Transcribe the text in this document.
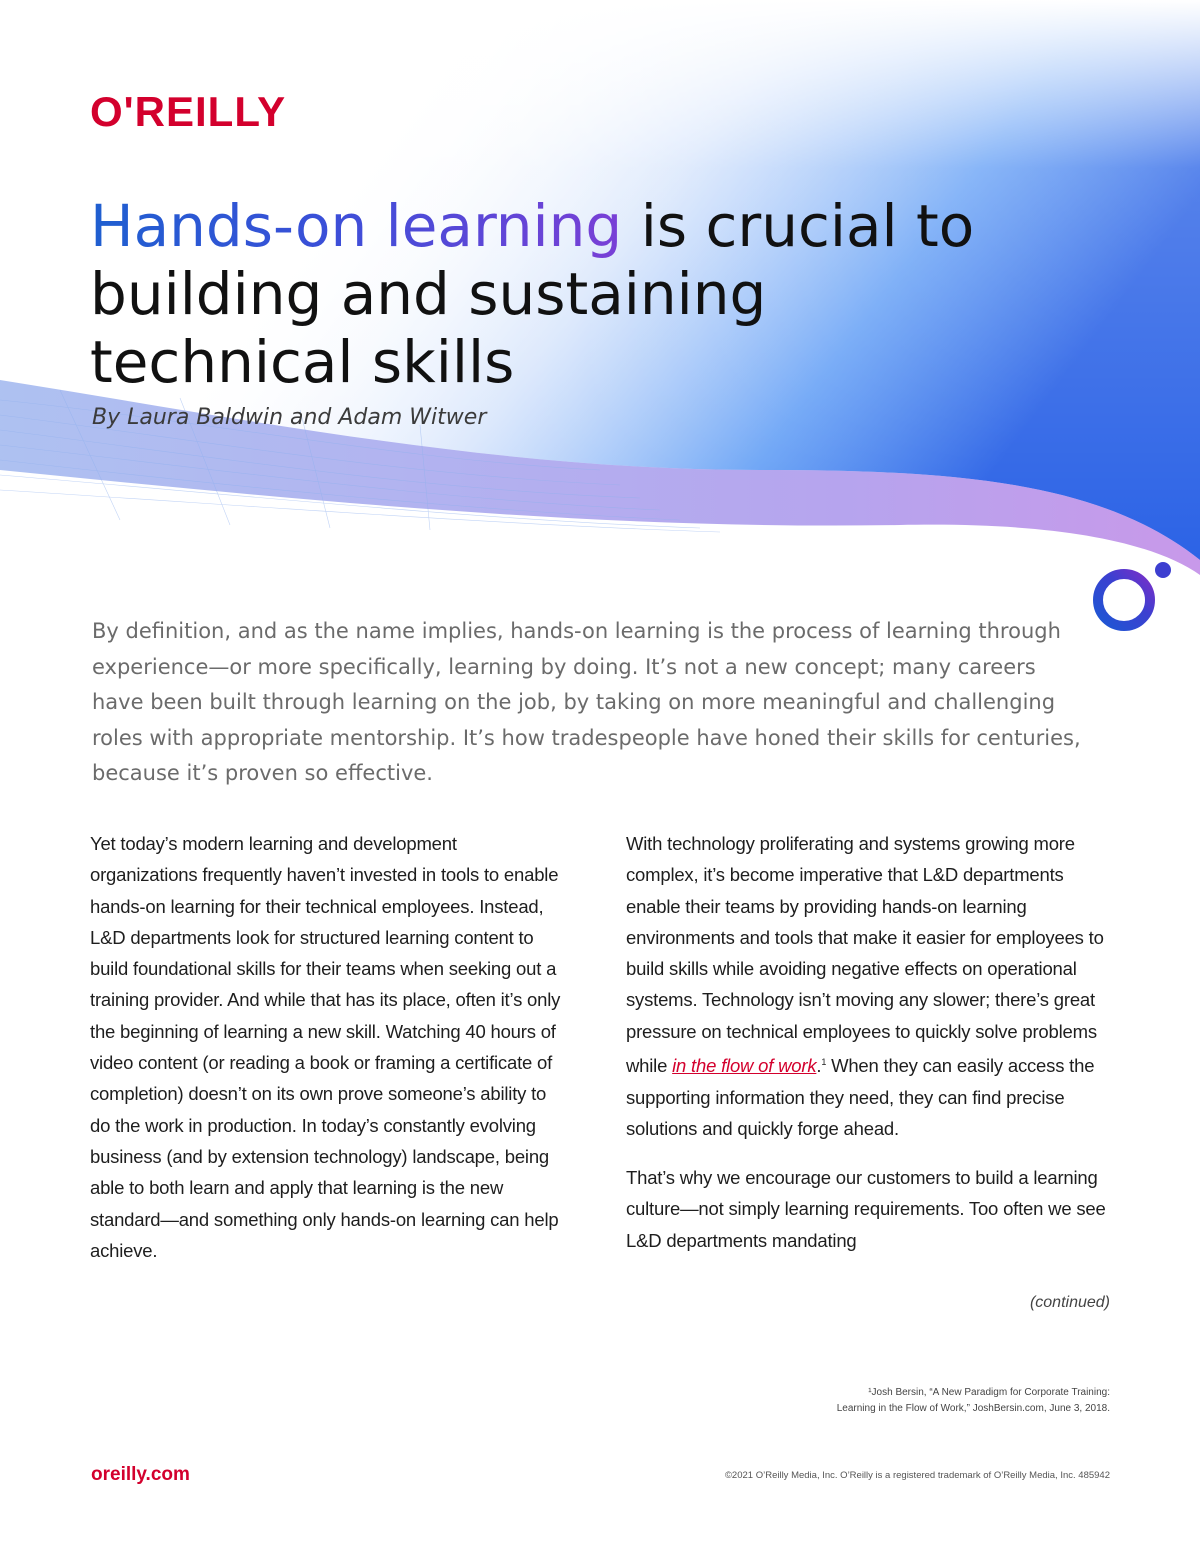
O'REILLY
Hands-on learning is crucial to building and sustaining technical skills
By Laura Baldwin and Adam Witwer

By definition, and as the name implies, hands-on learning is the process of learning through experience—or more specifically, learning by doing. It’s not a new concept; many careers have been built through learning on the job, by taking on more meaningful and challenging roles with appropriate mentorship. It’s how tradespeople have honed their skills for centuries, because it’s proven so effective.

Yet today’s modern learning and development organizations frequently haven’t invested in tools to enable hands-on learning for their technical employees. Instead, L&D departments look for structured learning content to build foundational skills for their teams when seeking out a training provider. And while that has its place, often it’s only the beginning of learning a new skill. Watching 40 hours of video content (or reading a book or framing a certificate of completion) doesn’t on its own prove someone’s ability to do the work in production. In today’s constantly evolving business (and by extension technology) landscape, being able to both learn and apply that learning is the new standard—and something only hands-on learning can help achieve.

With technology proliferating and systems growing more complex, it’s become imperative that L&D departments enable their teams by providing hands-on learning environments and tools that make it easier for employees to build skills while avoiding negative effects on operational systems. Technology isn’t moving any slower; there’s great pressure on technical employees to quickly solve problems while in the flow of work.$^1$ When they can easily access the supporting information they need, they can find precise solutions and quickly forge ahead.

That’s why we encourage our customers to build a learning culture—not simply learning requirements. Too often we see L&D departments mandating

(continued)
¹Josh Bersin, “A New Paradigm for Corporate Training:
Learning in the Flow of Work,” JoshBersin.com, June 3, 2018.
oreilly.com	©2021 O’Reilly Media, Inc. O’Reilly is a registered trademark of O’Reilly Media, Inc. 485942
